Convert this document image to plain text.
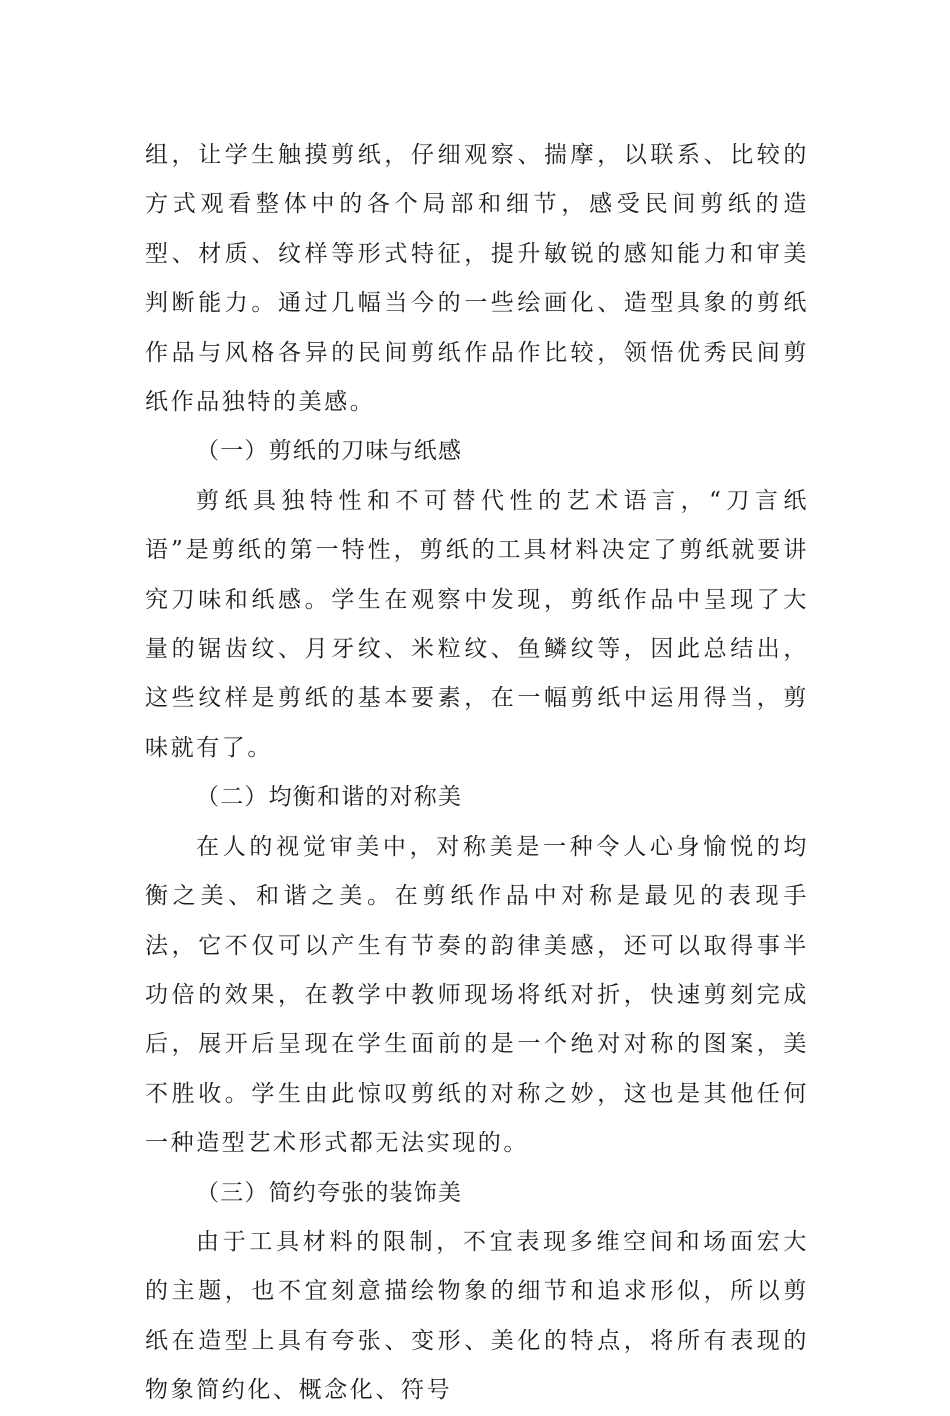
组，让学生触摸剪纸，仔细观察、揣摩，以联系、比较的方式观看整体中的各个局部和细节，感受民间剪纸的造型、材质、纹样等形式特征，提升敏锐的感知能力和审美判断能力。通过几幅当今的一些绘画化、造型具象的剪纸作品与风格各异的民间剪纸作品作比较，领悟优秀民间剪纸作品独特的美感。

（一）剪纸的刀味与纸感

剪纸具独特性和不可替代性的艺术语言，“刀言纸语”是剪纸的第一特性，剪纸的工具材料决定了剪纸就要讲究刀味和纸感。学生在观察中发现，剪纸作品中呈现了大量的锯齿纹、月牙纹、米粒纹、鱼鳞纹等，因此总结出，这些纹样是剪纸的基本要素，在一幅剪纸中运用得当，剪味就有了。

（二）均衡和谐的对称美

在人的视觉审美中，对称美是一种令人心身愉悦的均衡之美、和谐之美。在剪纸作品中对称是最见的表现手法，它不仅可以产生有节奏的韵律美感，还可以取得事半功倍的效果，在教学中教师现场将纸对折，快速剪刻完成后，展开后呈现在学生面前的是一个绝对对称的图案，美不胜收。学生由此惊叹剪纸的对称之妙，这也是其他任何一种造型艺术形式都无法实现的。

（三）简约夸张的装饰美

由于工具材料的限制，不宜表现多维空间和场面宏大的主题，也不宜刻意描绘物象的细节和追求形似，所以剪纸在造型上具有夸张、变形、美化的特点，将所有表现的物象简约化、概念化、符号
